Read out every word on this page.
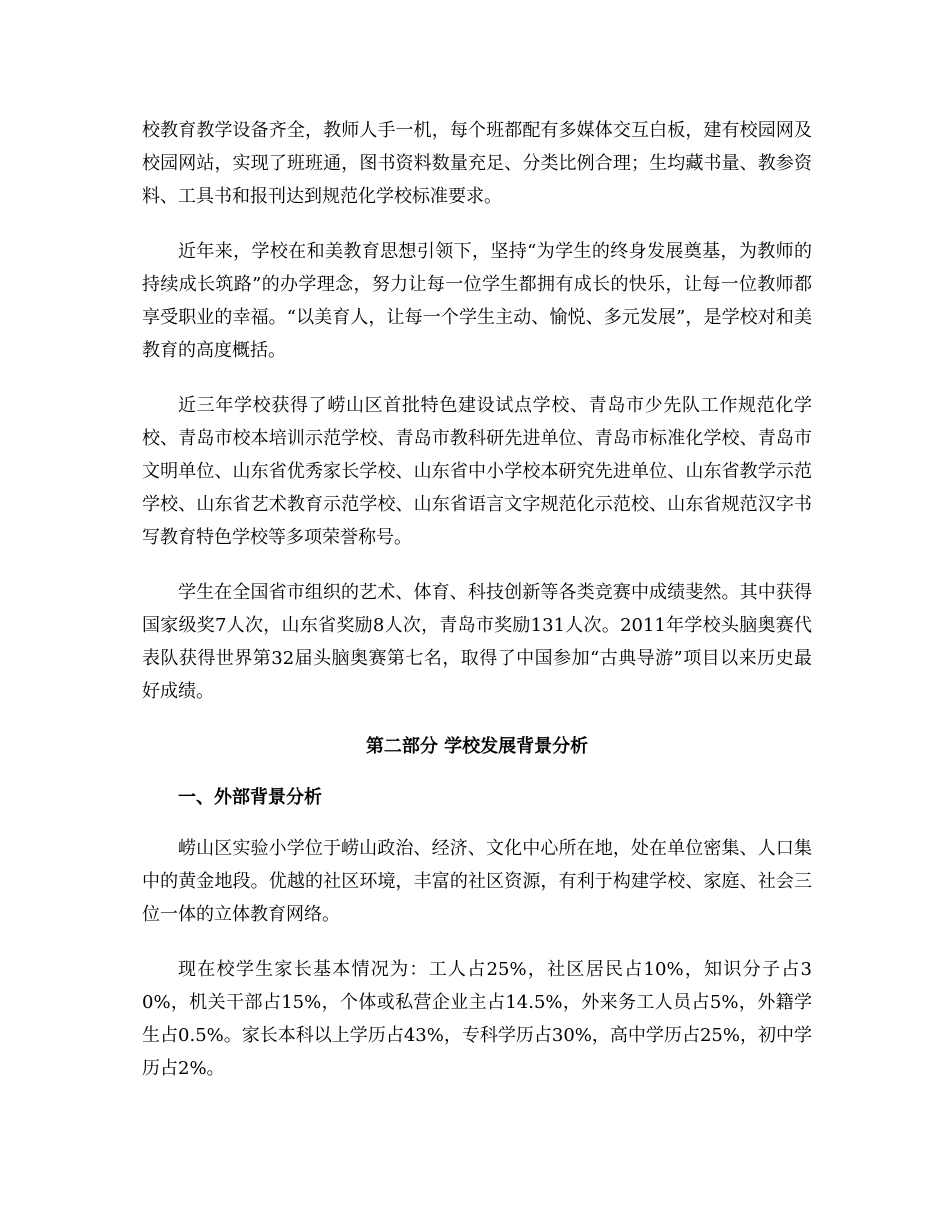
校教育教学设备齐全，教师人手一机，每个班都配有多媒体交互白板，建有校园网及校园网站，实现了班班通，图书资料数量充足、分类比例合理；生均藏书量、教参资料、工具书和报刊达到规范化学校标准要求。

近年来，学校在和美教育思想引领下，坚持“为学生的终身发展奠基，为教师的持续成长筑路”的办学理念，努力让每一位学生都拥有成长的快乐，让每一位教师都享受职业的幸福。“以美育人，让每一个学生主动、愉悦、多元发展”，是学校对和美教育的高度概括。

近三年学校获得了崂山区首批特色建设试点学校、青岛市少先队工作规范化学校、青岛市校本培训示范学校、青岛市教科研先进单位、青岛市标准化学校、青岛市文明单位、山东省优秀家长学校、山东省中小学校本研究先进单位、山东省教学示范学校、山东省艺术教育示范学校、山东省语言文字规范化示范校、山东省规范汉字书写教育特色学校等多项荣誉称号。

学生在全国省市组织的艺术、体育、科技创新等各类竞赛中成绩斐然。其中获得国家级奖7人次，山东省奖励8人次，青岛市奖励131人次。2011年学校头脑奥赛代表队获得世界第32届头脑奥赛第七名，取得了中国参加“古典导游”项目以来历史最好成绩。

第二部分 学校发展背景分析
一、外部背景分析

崂山区实验小学位于崂山政治、经济、文化中心所在地，处在单位密集、人口集中的黄金地段。优越的社区环境，丰富的社区资源，有利于构建学校、家庭、社会三位一体的立体教育网络。

现在校学生家长基本情况为：工人占25%，社区居民占10%，知识分子占30%，机关干部占15%，个体或私营企业主占14.5%，外来务工人员占5%，外籍学生占0.5%。家长本科以上学历占43%，专科学历占30%，高中学历占25%，初中学历占2%。
